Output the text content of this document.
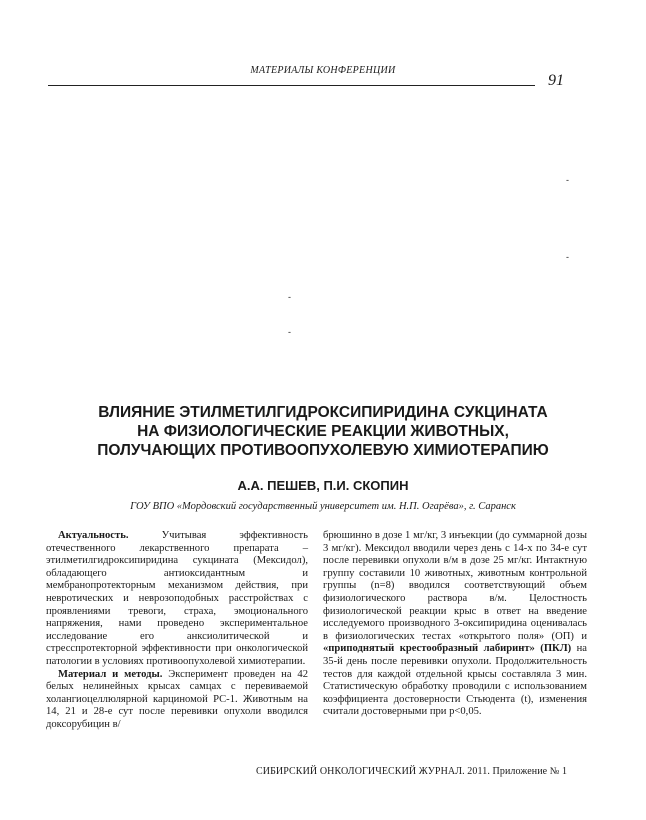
МАТЕРИАЛЫ КОНФЕРЕНЦИИ
91
-
-
-
-
ВЛИЯНИЕ ЭТИЛМЕТИЛГИДРОКСИПИРИДИНА СУКЦИНАТА
НА ФИЗИОЛОГИЧЕСКИЕ РЕАКЦИИ ЖИВОТНЫХ,
ПОЛУЧАЮЩИХ ПРОТИВООПУХОЛЕВУЮ ХИМИОТЕРАПИЮ
А.А. ПЕШЕВ, П.И. СКОПИН
ГОУ ВПО «Мордовский государственный университет им. Н.П. Огарёва», г. Саранск

Актуальность. Учитывая эффективность отечественного лекарственного препарата – этилметилгидроксипиридина сукцината (Мексидол), обладающего антиоксидантным и мембранопротекторным механизмом действия, при невротических и неврозоподобных расстройствах с проявлениями тревоги, страха, эмоционального напряжения, нами проведено экспериментальное исследование его анксиолитической и стресспротекторной эффективности при онкологической патологии в условиях противоопухолевой химиотерапии.

Материал и методы. Эксперимент проведен на 42 белых нелинейных крысах самцах с перевиваемой холангиоцеллюлярной карциномой РС-1. Животным на 14, 21 и 28-е сут после перевивки опухоли вводился доксорубицин в/

брюшинно в дозе 1 мг/кг, 3 инъекции (до суммарной дозы 3 мг/кг). Мексидол вводили через день с 14-х по 34-е сут после перевивки опухоли в/м в дозе 25 мг/кг. Интактную группу составили 10 животных, животным контрольной группы (n=8) вводился соответствующий объем физиологического раствора в/м. Целостность физиологической реакции крыс в ответ на введение исследуемого производного 3-оксипиридина оценивалась в физиологических тестах «открытого поля» (ОП) и «приподнятый крестообразный лабиринт» (ПКЛ) на 35-й день после перевивки опухоли. Продолжительность тестов для каждой отдельной крысы составляла 3 мин. Статистическую обработку проводили с использованием коэффициента достоверности Стьюдента (t), изменения считали достоверными при р<0,05.

СИБИРСКИЙ ОНКОЛОГИЧЕСКИЙ ЖУРНАЛ. 2011. Приложение № 1
